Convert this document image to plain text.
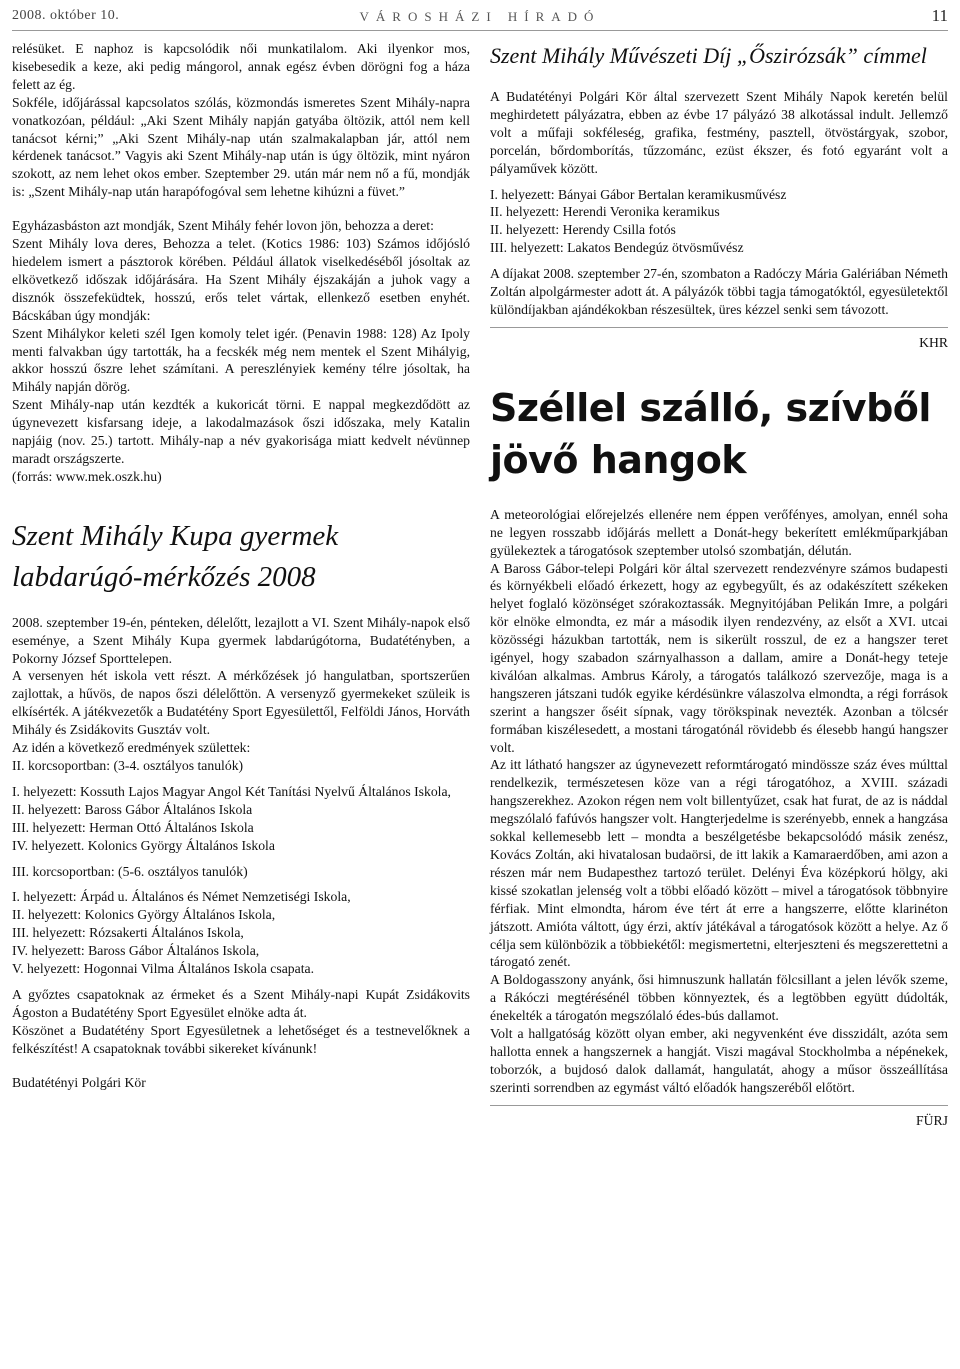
2008. október 10.	VÁROSHÁZI HÍRADÓ	11

relésüket. E naphoz is kapcsolódik női munkatilalom. Aki ilyenkor mos, kisebesedik a keze, aki pedig mángorol, annak egész évben dörögni fog a háza felett az ég.

Sokféle, időjárással kapcsolatos szólás, közmondás ismeretes Szent Mihály-napra vonatkozóan, például: „Aki Szent Mihály napján gatyába öltözik, attól nem kell tanácsot kérni;” „Aki Szent Mihály-nap után szalmakalapban jár, attól nem kérdenek tanácsot.” Vagyis aki Szent Mihály-nap után is úgy öltözik, mint nyáron szokott, az nem lehet okos ember. Szeptember 29. után már nem nő a fű, mondják is: „Szent Mihály-nap után harapófogóval sem lehetne kihúzni a füvet.”

Egyházasbáston azt mondják, Szent Mihály fehér lovon jön, behozza a deret:

Szent Mihály lova deres, Behozza a telet. (Kotics 1986: 103) Számos időjósló hiedelem ismert a pásztorok körében. Például állatok viselkedéséből jósoltak az elkövetkező időszak időjárására. Ha Szent Mihály éjszakáján a juhok vagy a disznók összefeküdtek, hosszú, erős telet vártak, ellenkező esetben enyhét. Bácskában úgy mondják:

Szent Mihálykor keleti szél Igen komoly telet igér. (Penavin 1988: 128) Az Ipoly menti falvakban úgy tartották, ha a fecskék még nem mentek el Szent Mihályig, akkor hosszú őszre lehet számítani. A pereszlényiek kemény télre jósoltak, ha Mihály napján dörög.

Szent Mihály-nap után kezdték a kukoricát törni. E nappal megkezdődött az úgynevezett kisfarsang ideje, a lakodalmazások őszi időszaka, mely Katalin napjáig (nov. 25.) tartott. Mihály-nap a név gyakorisága miatt kedvelt névünnep maradt országszerte.

(forrás: www.mek.oszk.hu)

Szent Mihály Kupa gyermek labdarúgó-mérkőzés 2008

2008. szeptember 19-én, pénteken, délelőtt, lezajlott a VI. Szent Mihály-napok első eseménye, a Szent Mihály Kupa gyermek labdarúgótorna, Budatétényben, a Pokorny József Sporttelepen.

A versenyen hét iskola vett részt. A mérkőzések jó hangulatban, sportszerűen zajlottak, a hűvös, de napos őszi délelőttön. A versenyző gyermekeket szüleik is elkísérték. A játékvezetők a Budatétény Sport Egyesülettől, Felföldi János, Horváth Mihály és Zsidákovits Gusztáv volt.

Az idén a következő eredmények születtek:

II. korcsoportban: (3-4. osztályos tanulók)

I. helyezett: Kossuth Lajos Magyar Angol Két Tanítási Nyelvű Általános Iskola,

II. helyezett: Baross Gábor Általános Iskola

III. helyezett: Herman Ottó Általános Iskola

IV. helyezett. Kolonics György Általános Iskola

III. korcsoportban: (5-6. osztályos tanulók)

I. helyezett: Árpád u. Általános és Német Nemzetiségi Iskola,

II. helyezett: Kolonics György Általános Iskola,

III. helyezett: Rózsakerti Általános Iskola,

IV. helyezett: Baross Gábor Általános Iskola,

V. helyezett: Hogonnai Vilma Általános Iskola csapata.

A győztes csapatoknak az érmeket és a Szent Mihály-napi Kupát Zsidákovits Ágoston a Budatétény Sport Egyesület elnöke adta át.

Köszönet a Budatétény Sport Egyesületnek a lehetőséget és a testnevelőknek a felkészítést! A csapatoknak további sikereket kívánunk!

Budatétényi Polgári Kör

Szent Mihály Művészeti Díj „Őszirózsák” címmel

A Budatétényi Polgári Kör által szervezett Szent Mihály Napok keretén belül meghirdetett pályázatra, ebben az évbe 17 pályázó 38 alkotással indult. Jellemző volt a műfaji sokféleség, grafika, festmény, pasztell, ötvöstárgyak, szobor, porcelán, bőrdomborítás, tűzzománc, ezüst ékszer, és fotó egyaránt volt a pályaművek között.

I. helyezett: Bányai Gábor Bertalan keramikusművész

II. helyezett: Herendi Veronika keramikus

II. helyezett: Herendy Csilla fotós

III. helyezett: Lakatos Bendegúz ötvösművész

A díjakat 2008. szeptember 27-én, szombaton a Radóczy Mária Galériában Németh Zoltán alpolgármester adott át. A pályázók többi tagja támogatóktól, egyesületektől különdíjakban ajándékokban részesültek, üres kézzel senki sem távozott.

KHR

Széllel szálló, szívből jövő hangok

A meteorológiai előrejelzés ellenére nem éppen verőfényes, amolyan, ennél soha ne legyen rosszabb időjárás mellett a Donát-hegy bekerített emlékműparkjában gyülekeztek a tárogatósok szeptember utolsó szombatján, délután.

A Baross Gábor-telepi Polgári kör által szervezett rendezvényre számos budapesti és környékbeli előadó érkezett, hogy az egybegyűlt, és az odakészített székeken helyet foglaló közönséget szórakoztassák. Megnyitójában Pelikán Imre, a polgári kör elnöke elmondta, ez már a második ilyen rendezvény, az elsőt a XVI. utcai közösségi házukban tartották, nem is sikerült rosszul, de ez a hangszer teret igényel, hogy szabadon szárnyalhasson a dallam, amire a Donát-hegy teteje kiválóan alkalmas. Ambrus Károly, a tárogatós találkozó szervezője, maga is a hangszeren játszani tudók egyike kérdésünkre válaszolva elmondta, a régi források szerint a hangszer őséit sípnak, vagy törökspinak nevezték. Azonban a tölcsér formában kiszélesedett, a mostani tárogatónál rövidebb és élesebb hangú hangszer volt.

Az itt látható hangszer az úgynevezett reformtárogató mindössze száz éves múlttal rendelkezik, természetesen köze van a régi tárogatóhoz, a XVIII. századi hangszerekhez. Azokon régen nem volt billentyűzet, csak hat furat, de az is náddal megszólaló fafúvós hangszer volt. Hangterjedelme is szerényebb, ennek a hangzása sokkal kellemesebb lett – mondta a beszélgetésbe bekapcsolódó másik zenész, Kovács Zoltán, aki hivatalosan budaörsi, de itt lakik a Kamaraerdőben, ami azon a részen már nem Budapesthez tartozó terület. Delényi Éva középkorú hölgy, aki kissé szokatlan jelenség volt a többi előadó között – mivel a tárogatósok többnyire férfiak. Mint elmondta, három éve tért át erre a hangszerre, előtte klarinéton játszott. Amióta váltott, úgy érzi, aktív játékával a tárogatósok között a helye. Az ő célja sem különbözik a többiekétől: megismertetni, elterjeszteni és megszerettetni a tárogató zenét.

A Boldogasszony anyánk, ősi himnuszunk hallatán fölcsillant a jelen lévők szeme, a Rákóczi megtérésénél többen könnyeztek, és a legtöbben együtt dúdolták, énekelték a tárogatón megszólaló édes-bús dallamot.

Volt a hallgatóság között olyan ember, aki negyvenként éve disszidált, azóta sem hallotta ennek a hangszernek a hangját. Viszi magával Stockholmba a népénekek, toborzók, a bujdosó dalok dallamát, hangulatát, ahogy a műsor összeállítása szerinti sorrendben az egymást váltó előadók hangszeréből előtört.

FÜRJ
